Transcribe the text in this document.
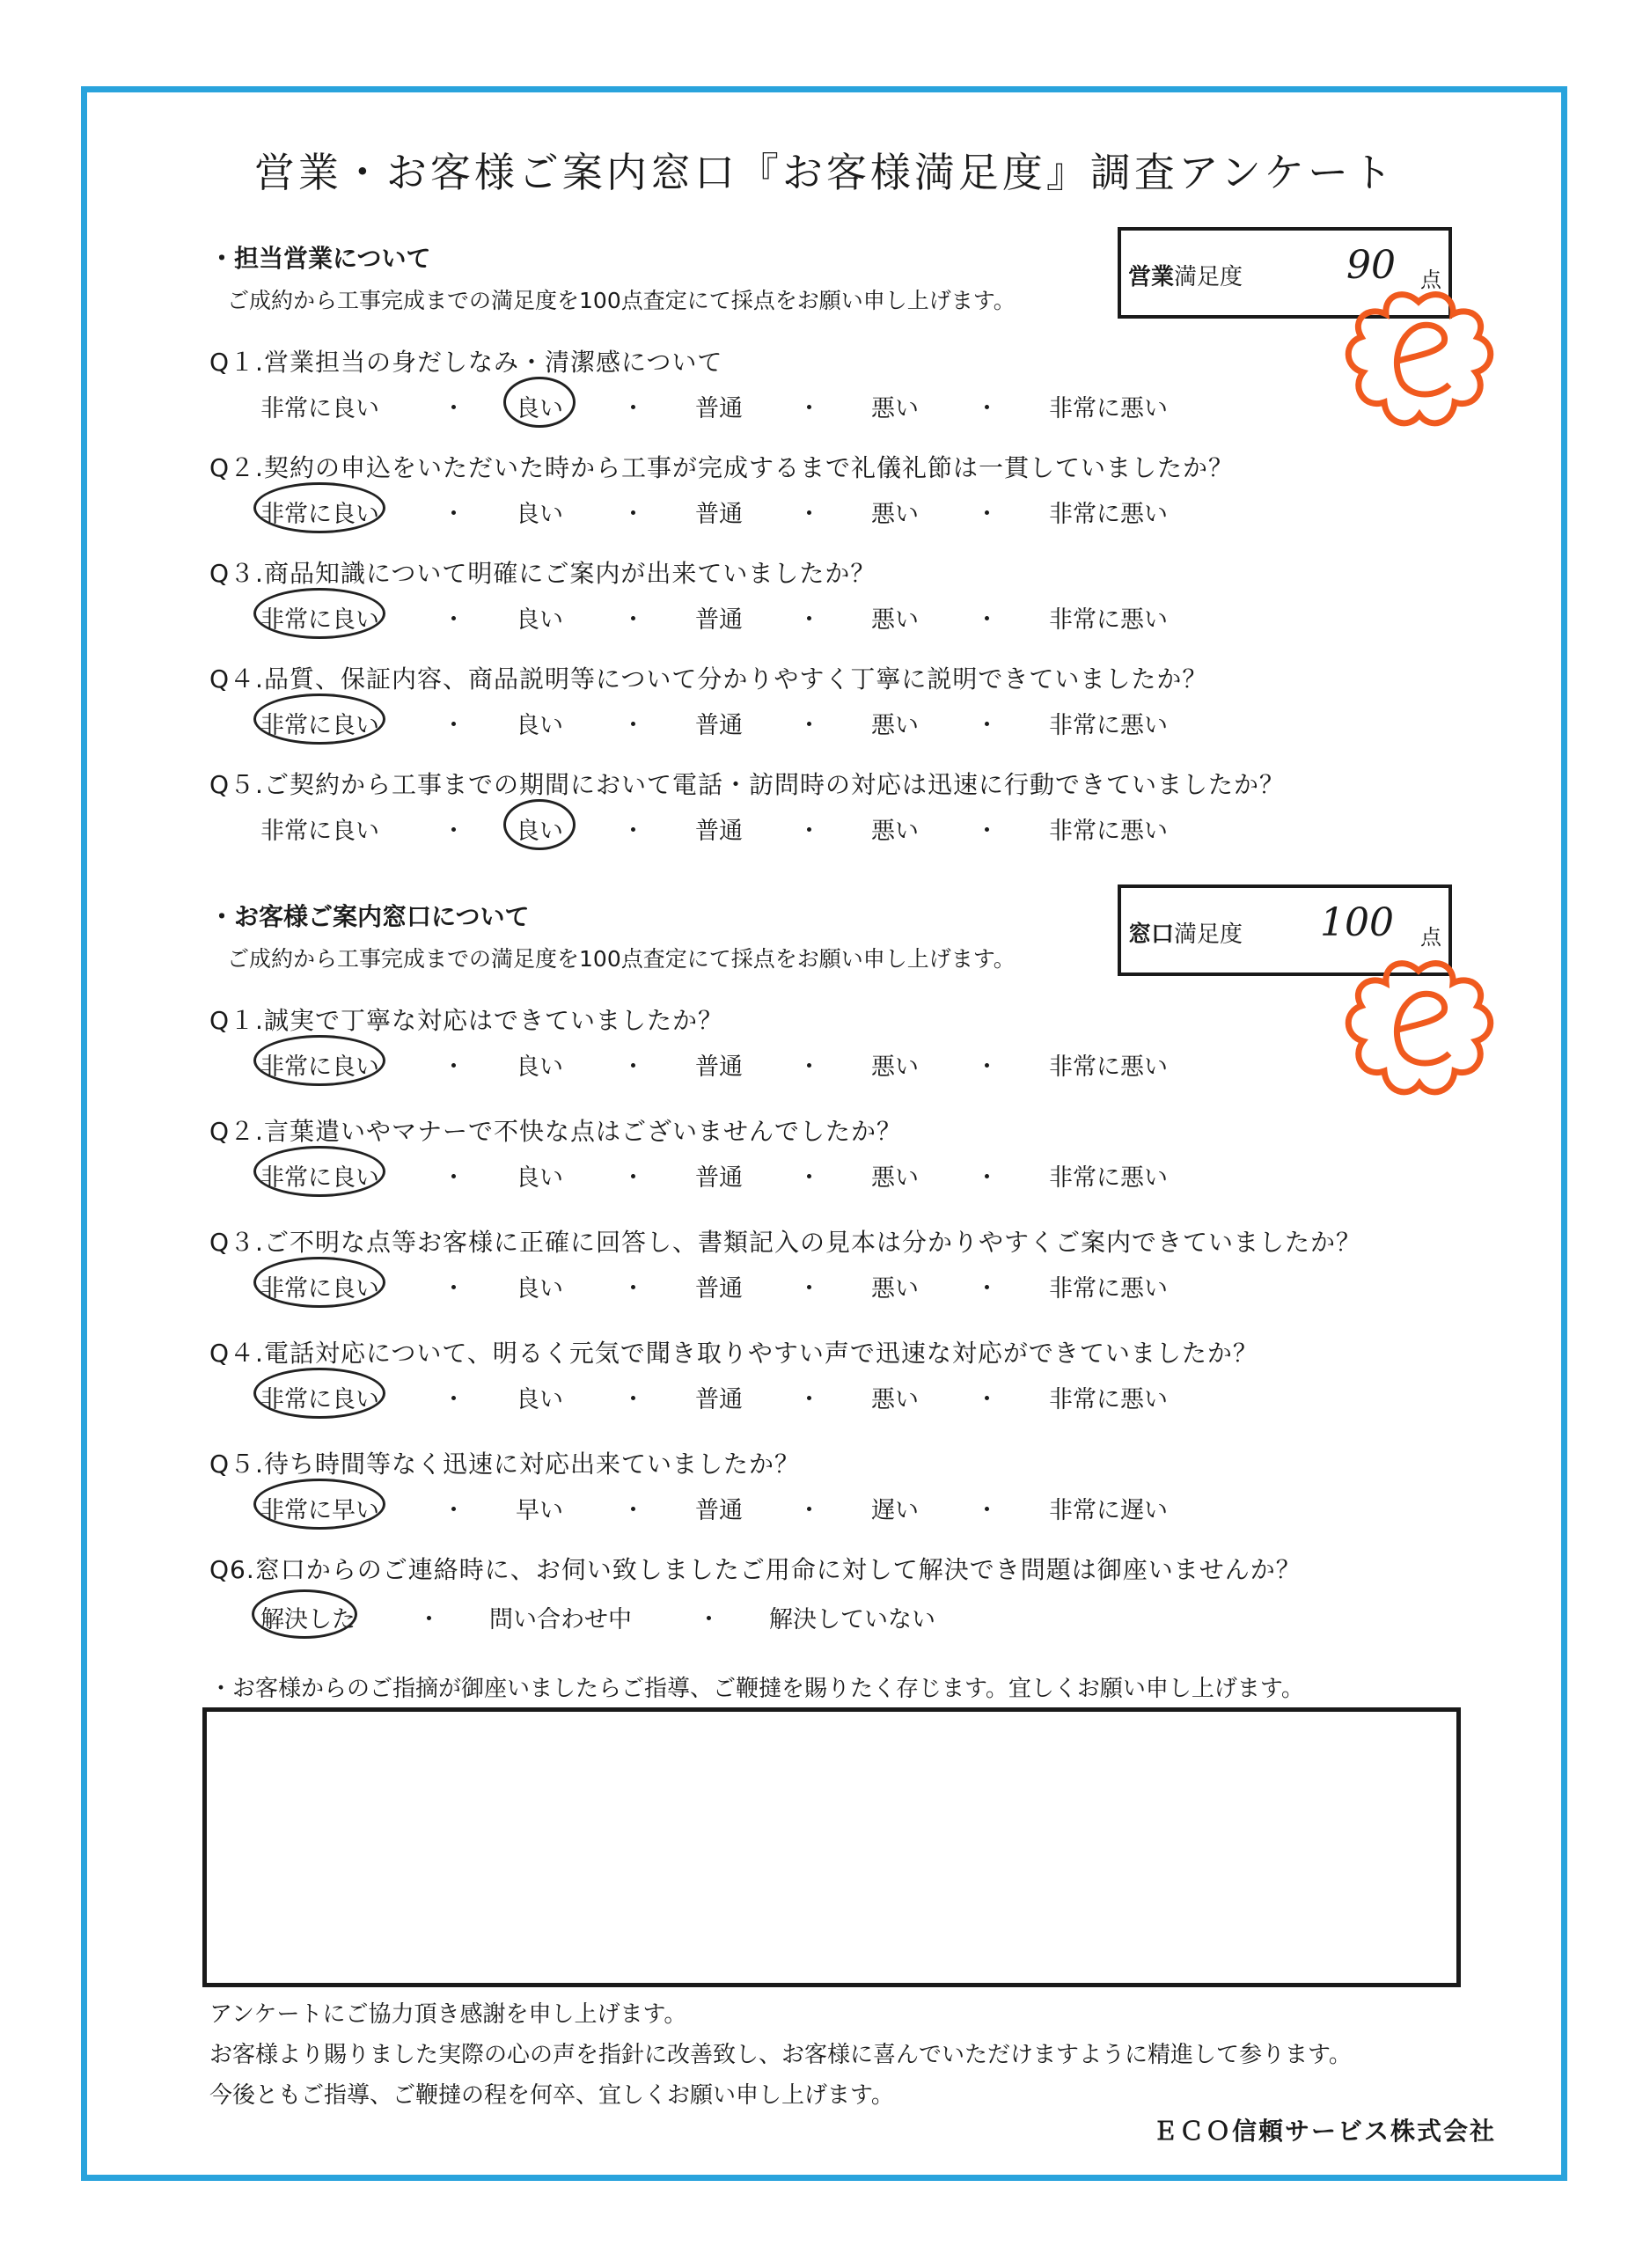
営業・お客様ご案内窓口『お客様満足度』調査アンケート
・担当営業について
ご成約から工事完成までの満足度を100点査定にて採点をお願い申し上げます。
営業満足度	90 点
Q１.営業担当の身だしなみ・清潔感について
非常に良い	・ 良い ・ 普通 ・ 悪い ・ 非常に悪い
Q２.契約の申込をいただいた時から工事が完成するまで礼儀礼節は一貫していましたか？
非常に良い	・ 良い ・ 普通 ・ 悪い ・ 非常に悪い
Q３.商品知識について明確にご案内が出来ていましたか？
非常に良い	・ 良い ・ 普通 ・ 悪い ・ 非常に悪い
Q４.品質、保証内容、商品説明等について分かりやすく丁寧に説明できていましたか？
非常に良い	・ 良い ・ 普通 ・ 悪い ・ 非常に悪い
Q５.ご契約から工事までの期間において電話・訪問時の対応は迅速に行動できていましたか？
非常に良い	・ 良い ・ 普通 ・ 悪い ・ 非常に悪い
・お客様ご案内窓口について
ご成約から工事完成までの満足度を100点査定にて採点をお願い申し上げます。
窓口満足度 100 点
Q１.誠実で丁寧な対応はできていましたか？
非常に良い	・ 良い ・ 普通 ・ 悪い ・ 非常に悪い
Q２.言葉遣いやマナーで不快な点はございませんでしたか？
非常に良い	・ 良い ・ 普通 ・ 悪い ・ 非常に悪い
Q３.ご不明な点等お客様に正確に回答し、書類記入の見本は分かりやすくご案内できていましたか？
非常に良い	・ 良い ・ 普通 ・ 悪い ・ 非常に悪い
Q４.電話対応について、明るく元気で聞き取りやすい声で迅速な対応ができていましたか？
非常に良い	・ 良い ・ 普通 ・ 悪い ・ 非常に悪い
Q５.待ち時間等なく迅速に対応出来ていましたか？
非常に早い	・ 早い ・ 普通 ・ 遅い ・ 非常に遅い
Q6.窓口からのご連絡時に、お伺い致しましたご用命に対して解決でき問題は御座いませんか？
解決した	・ 問い合わせ中	・ 解決していない
・お客様からのご指摘が御座いましたらご指導、ご鞭撻を賜りたく存じます。宜しくお願い申し上げます。
アンケートにご協力頂き感謝を申し上げます。
お客様より賜りました実際の心の声を指針に改善致し、お客様に喜んでいただけますように精進して参ります。
今後ともご指導、ご鞭撻の程を何卒、宜しくお願い申し上げます。
ＥＣＯ信頼サービス株式会社
